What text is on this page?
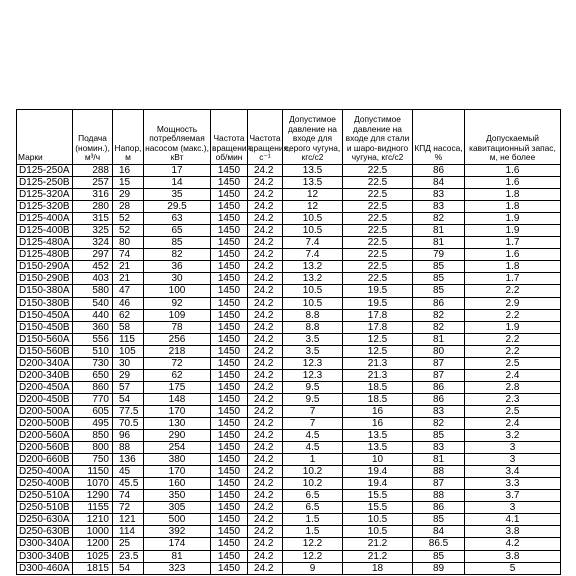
Марки	Подача (номин.), м³/ч	Напор, м	Мощность потребляемая насосом (макс.), кВт	Частота вращения, об/мин	Частота вращения, с⁻¹	Допустимое давление на входе для серого чугуна, кгс/с2	Допустимое давление на входе для стали и шаро-видного чугуна, кгс/с2	КПД насоса, %	Допускаемый кавитационный запас, м, не более
D125-250A	288	16	17	1450	24.2	13.5	22.5	86	1.6
D125-250B	257	15	14	1450	24.2	13.5	22.5	84	1.6
D125-320A	316	29	35	1450	24.2	12	22.5	83	1.8
D125-320B	280	28	29.5	1450	24.2	12	22.5	83	1.8
D125-400A	315	52	63	1450	24.2	10.5	22.5	82	1.9
D125-400B	325	52	65	1450	24.2	10.5	22.5	81	1.9
D125-480A	324	80	85	1450	24.2	7.4	22.5	81	1.7
D125-480B	297	74	82	1450	24.2	7.4	22.5	79	1.6
D150-290A	452	21	36	1450	24.2	13.2	22.5	85	1.8
D150-290B	403	21	30	1450	24.2	13.2	22.5	85	1.7
D150-380A	580	47	100	1450	24.2	10.5	19.5	85	2.2
D150-380B	540	46	92	1450	24.2	10.5	19.5	86	2.9
D150-450A	440	62	109	1450	24.2	8.8	17.8	82	2.2
D150-450B	360	58	78	1450	24.2	8.8	17.8	82	1.9
D150-560A	556	115	256	1450	24.2	3.5	12.5	81	2.2
D150-560B	510	105	218	1450	24.2	3.5	12.5	80	2.2
D200-340A	730	30	72	1450	24.2	12.3	21.3	87	2.5
D200-340B	650	29	62	1450	24.2	12.3	21.3	87	2.4
D200-450A	860	57	175	1450	24.2	9.5	18.5	86	2.8
D200-450B	770	54	148	1450	24.2	9.5	18.5	86	2.3
D200-500A	605	77.5	170	1450	24.2	7	16	83	2.5
D200-500B	495	70.5	130	1450	24.2	7	16	82	2.4
D200-560A	850	96	290	1450	24.2	4.5	13.5	85	3.2
D200-560B	800	88	254	1450	24.2	4.5	13.5	83	3
D200-660B	750	136	380	1450	24.2	1	10	81	3
D250-400A	1150	45	170	1450	24.2	10.2	19.4	88	3.4
D250-400B	1070	45.5	160	1450	24.2	10.2	19.4	87	3.3
D250-510A	1290	74	350	1450	24.2	6.5	15.5	88	3.7
D250-510B	1155	72	305	1450	24.2	6.5	15.5	86	3
D250-630A	1210	121	500	1450	24.2	1.5	10.5	85	4.1
D250-630B	1000	114	392	1450	24.2	1.5	10.5	84	3.8
D300-340A	1200	25	174	1450	24.2	12.2	21.2	86.5	4.2
D300-340B	1025	23.5	81	1450	24.2	12.2	21.2	85	3.8
D300-460A	1815	54	323	1450	24.2	9	18	89	5
